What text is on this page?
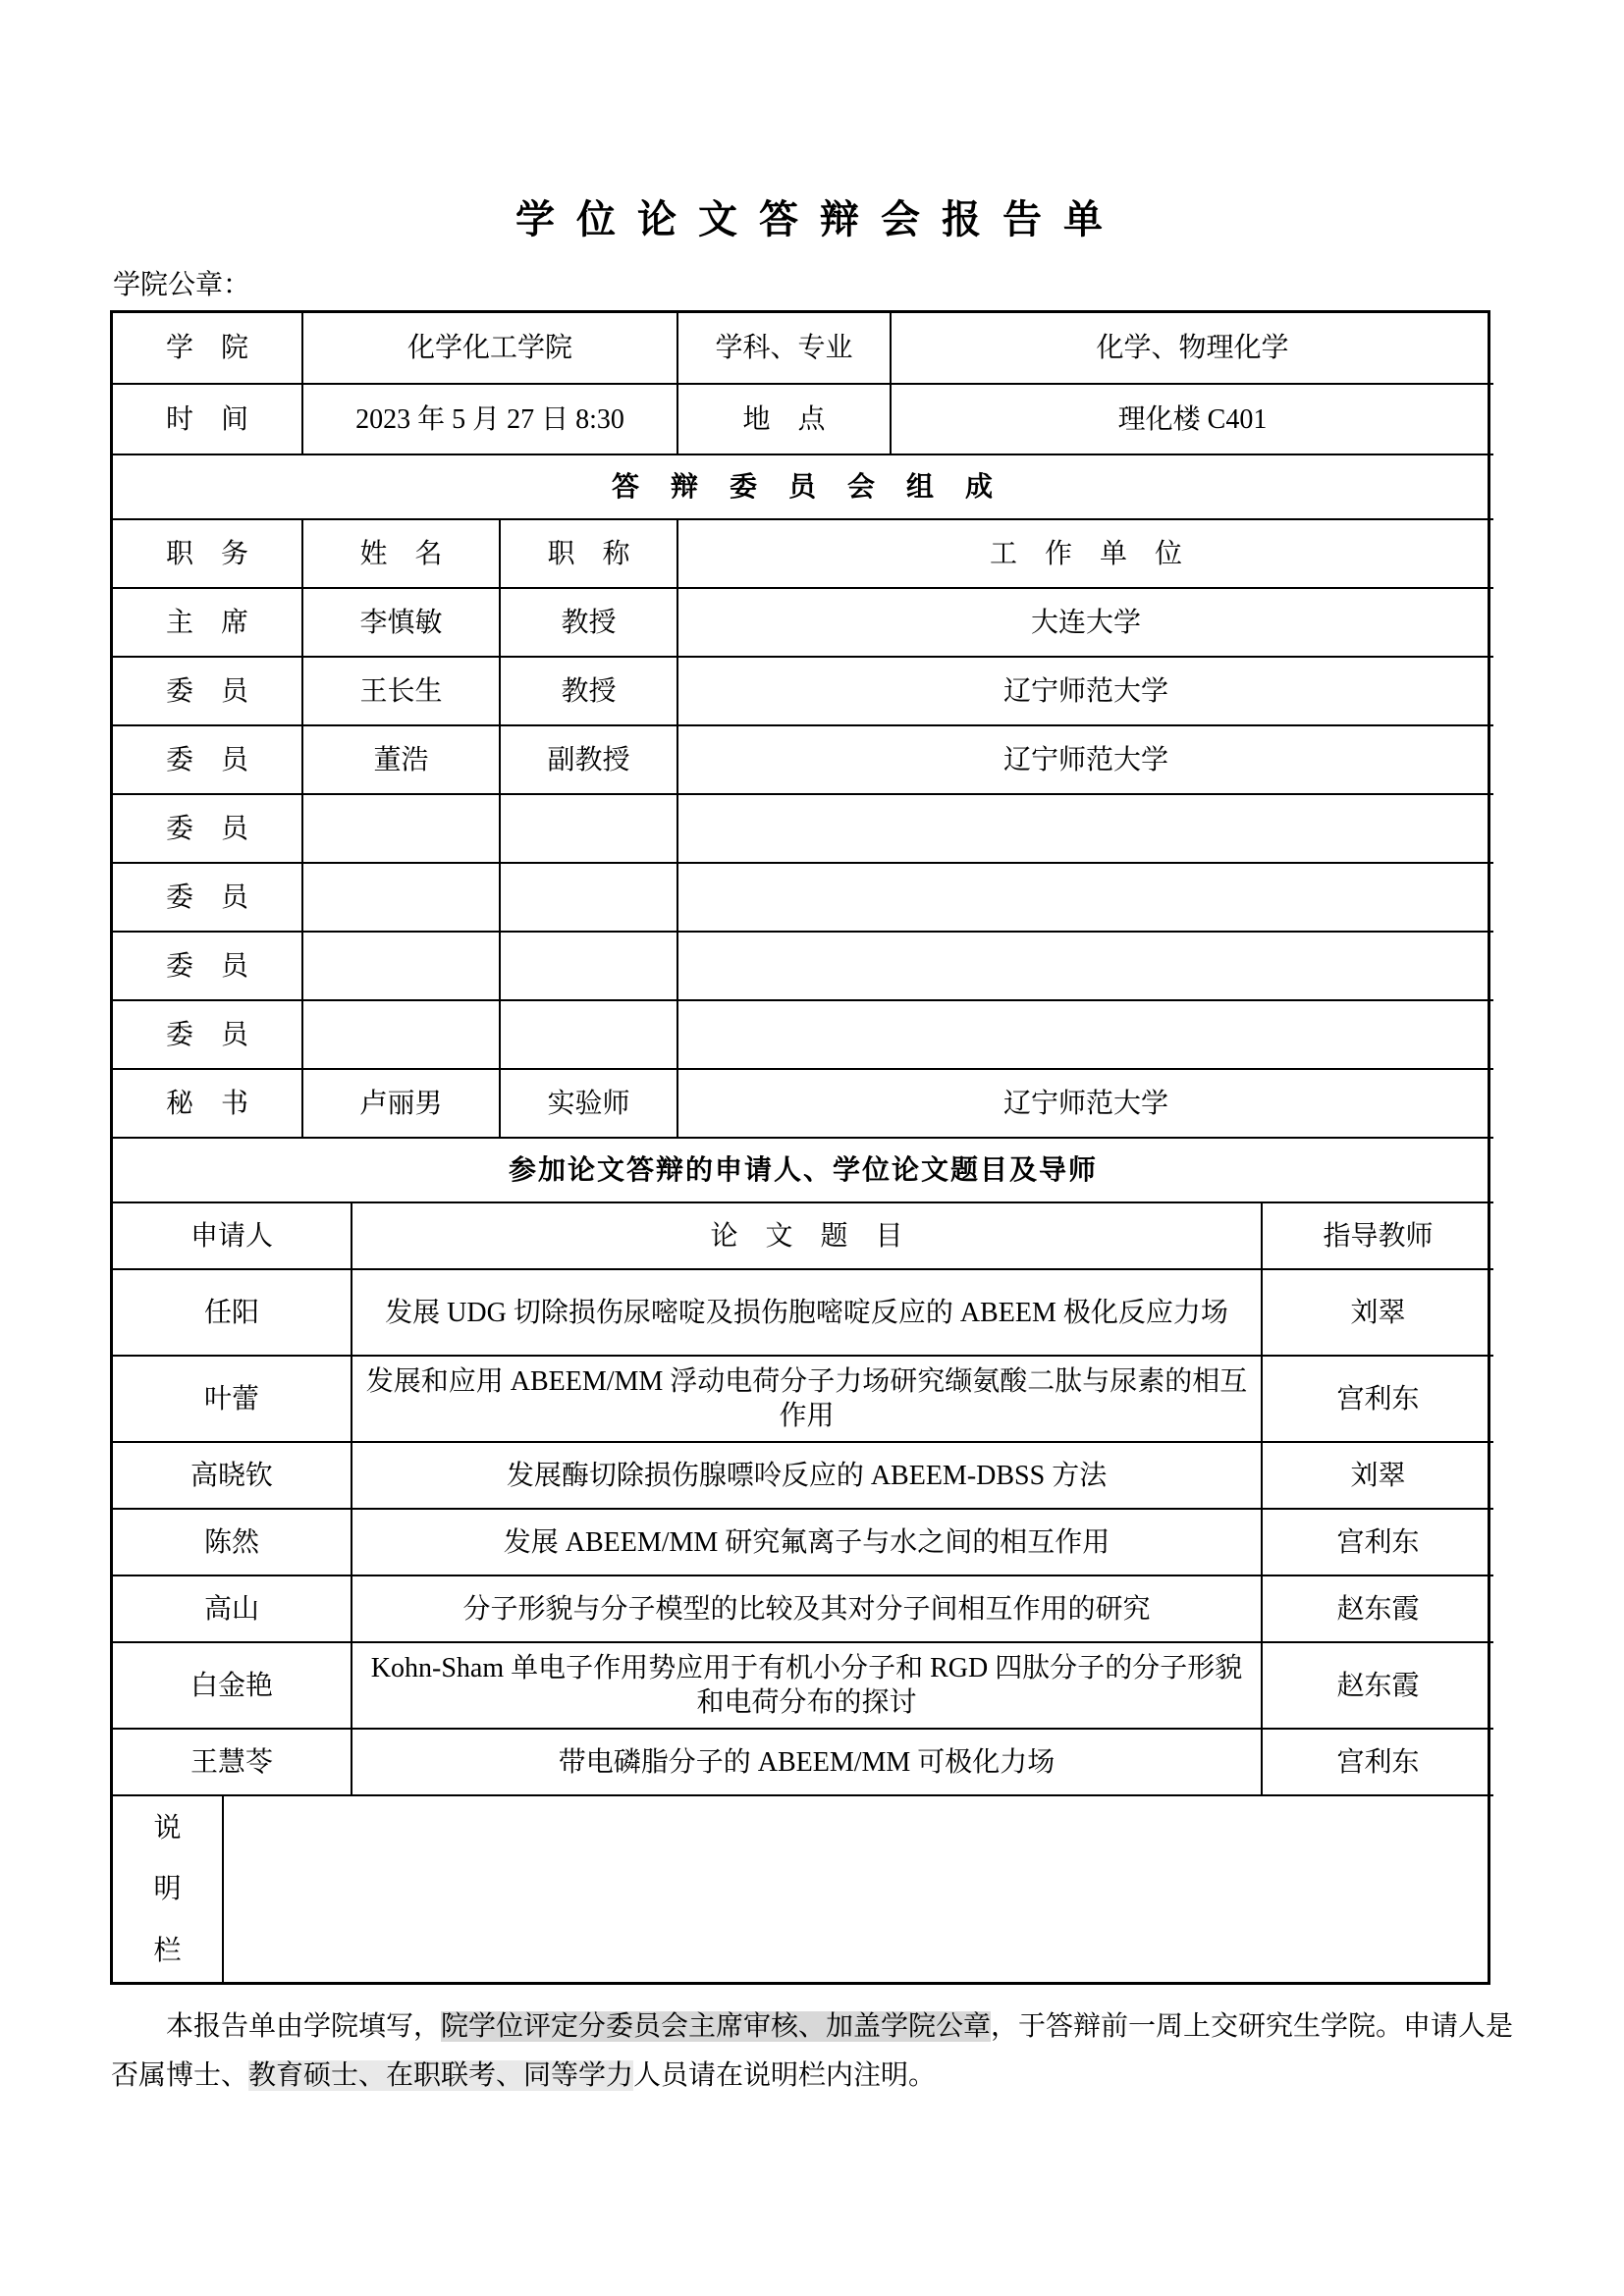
学 位 论 文 答 辩 会 报 告 单
学院公章：
学　院		化学化工学院			学科、专业	化学、物理化学	
时　间		2023 年 5 月 27 日 8:30			地　点	理化楼 C401	
答　辩　委　员　会　组　成							
职　务		姓　名		职　称	工　作　单　位		
主　席		李慎敏		教授	大连大学		
委　员		王长生		教授	辽宁师范大学		
委　员		董浩		副教授	辽宁师范大学		
委　员							
委　员							
委　员							
委　员							
秘　书		卢丽男		实验师	辽宁师范大学		
参加论文答辩的申请人、学位论文题目及导师							
申请人			论　文　题　目				指导教师
任阳			发展 UDG 切除损伤尿嘧啶及损伤胞嘧啶反应的 ABEEM 极化反应力场				刘翠
叶蕾			发展和应用 ABEEM/MM 浮动电荷分子力场研究缬氨酸二肽与尿素的相互作用				宫利东
高晓钦			发展酶切除损伤腺嘌呤反应的 ABEEM-DBSS 方法				刘翠
陈然			发展 ABEEM/MM 研究氟离子与水之间的相互作用				宫利东
高山			分子形貌与分子模型的比较及其对分子间相互作用的研究				赵东霞
白金艳			Kohn-Sham 单电子作用势应用于有机小分子和 RGD 四肽分子的分子形貌和电荷分布的探讨				赵东霞
王慧苓			带电磷脂分子的 ABEEM/MM 可极化力场				宫利东

说
明
栏							

本报告单由学院填写，院学位评定分委员会主席审核、加盖学院公章，于答辩前一周上交研究生学院。申请人是否属博士、教育硕士、在职联考、同等学力人员请在说明栏内注明。
